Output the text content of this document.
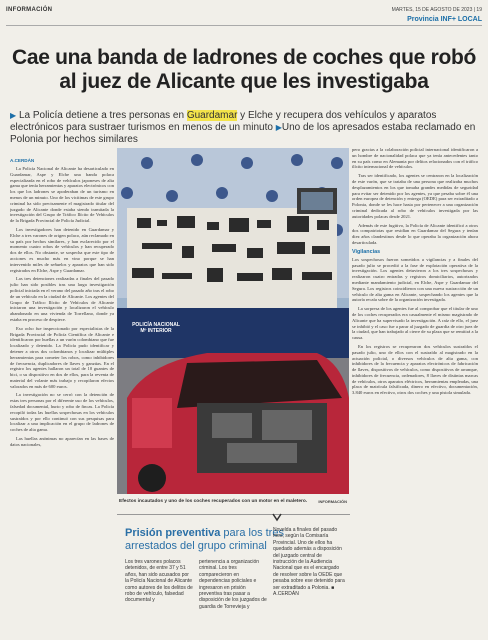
INFORMACIÓN	MARTES, 15 DE AGOSTO DE 2023 | 19
Provincia INF+ LOCAL
Cae una banda de ladrones de coches que robó al juez de Alicante que les investigaba
▶ La Policía detiene a tres personas en Guardamar y Elche y recupera dos vehículos y aparatos electrónicos para sustraer turismos en menos de un minuto ▶Uno de los apresados estaba reclamado en Polonia por hechos similares

A.CERDÁN

La Policía Nacional de Alicante ha desarticulado en Guardamar, Aspe y Elche una banda polaca especializada en el robo de vehículos japoneses de alta gama que tenía herramientas y aparatos electrónicos con los que los ladrones se apoderaban de un turismo en menos de un minuto. Uno de los vicitimas de este grupo criminal ha sido precisamente el magistrado titular del juzgado de Alicante donde estaba siendo tramitada la investigación del Grupo de Tráfico Ilícito de Vehículos de la Brigada Provincial de Policía Judicial.

Los investigadores han detenido en Guardamar y Elche a tres varones de origen polaco, aún reclamado en su país por hechos similares, y han esclarecido por el momento cuatro robos de vehículos y han recuperado dos de ellos. No obstante, se sospecha que este tipo de acciones es mucho más en vino porque se han intervenido miles de señuelos y aparatos que han sido registrados en Elche, Aspe y Guardamar.

Las tres detenciones realizadas a finales del pasado julio han sido posibles tras una larga investigación policial iniciada en el verano del pasado año tras el robo de un vehículo en la ciudad de Alicante. Los agentes del Grupo de Tráfico Ilícito de Vehículos de Alicante iniciaron una investigación y localizaron el vehículo abandonado en una vivienda de Torrellano, donde ya estaba en proceso de despiece.

Eso ocho fue inspeccionado por especialistas de la Brigada Provincial de Policía Científica de Alicante e identificaron por huellas a un varón colombiano que fue localizado y detenido. La Policía pudo identificar y detener a otros dos colombianos y localizar múltiples herramientas para cometer los robos, como inhibidores de frecuencia, duplicadores de llaves y ganzúas. En el registro los agentes hallaron un total de 10 guantes de bici, o su dispositivo en dos de ellos, para la reventa de material del volante más trabajo y recopilaron efectos valorados en más de 600 euros.

La investigación no se cerró con la detención de estas tres personas por el diferente uso de los vehículos, falsedad documental, hurto y robo de fincas. La Policía recopiló todas las huellas sospechosas en los vehículos sustraídos y por ello continuó con sus pesquisas para localizar a una implicación en el grupo de ladrones de coches de alta gama.

Las huellas anónimas no aparecían en las bases de datos nacionales,

POLICÍA NACIONAL
Mº INTERIOR
Efectos incautados y uno de los coches recuperados con un motor en el maletero.	INFORMACIÓN
Prisión preventiva para los tres arrestados del grupo criminal
Los tres varones polacos detenidos, de entre 37 y 51 años, han sido acusados por la Policía Nacional de Alicante como autores de los delitos de robo de vehículo, falsedad documental y
pertenencia a organización criminal. Los tres comparecieron en dependencias policiales e ingresaron en prisión preventiva tras pasar a disposición de los juzgados de guardia de Torrevieja y
Novelda a finales del pasado mes, según la Comisaría Provincial. Uno de ellos ha quedado además a disposición del juzgado central de instrucción de la Audiencia Nacional que es el encargado de resolver sobre la OEDE que pesaba sobre ese detenido para ser extraditado a Polonia. ■ A.CERDÁN

pero gracias a la colaboración policial internacional identificaron a un hombre de nacionalidad polaca que ya tenía antecedentes tanto en su país como en Alemania por delitos relacionados con el tráfico ilícito internacional de vehículos.

Tras ser identificado, los agentes se centraron en la localización de este varón, que se trataba de una persona que realizaba muchos desplazamientos en los que tomaba grandes medidas de seguridad para evitar ser detenido por los agentes, ya que pesaba sobre él una orden europea de detención y entrega (OEDE) para ser extraditado a Polonia, donde se les hace hasta por pertenecer a una organización criminal dedicada al robo de vehículos investigada por las autoridades polacas desde 2021.

Además de este fugitivo, la Policía de Alicante identificó a otros dos compatriotas que residían en Guardamar del Segura y tenían diez años clandestinos desde lo que operaba la organización ahora desarticulada.

Vigilancias

Los sospechosos fueron sometidos a vigilancias y a finales del pasado julio se procedió a la fase de explotación operativa de la investigación. Los agentes detuvieron a los tres sospechosos y realizaron cuatro entradas y registros domiciliarios, autorizados mediante mandamiento judicial, en Elche, Aspe y Guardamar del Segura. Los registros coincidieron con una nueva sustracción de un vehículo de alta gama en Alicante, sospechando los agentes que la autoría recaía sobre de la organización investigada.

La sorpresa de los agentes fue al comprobar que el titular de uno de los coches recuperados era casualmente el mismo magistrado de Alicante que ha supervisado la investigación. A raíz de ello, el juez se inhibió y el caso fue a parar al juzgado de guardia de otro juez de la ciudad, que han trabajado al cierre de su plaza que se remitirá a la causa.

En los registros se recuperaron dos vehículos sustraídos el pasado julio, uno de ellos con el sustraído al magistrado en la actuación policial, o diversos vehículos de alta gama, con inhibidores de la frecuencia y aparatos electrónicos de fabricación de llaves, dispositivos de vehículos, como dispositivos de arranque, inhibidores de frecuencia, ordenadores, 8 llaves de distintas marcas de vehículos, otros aparatos eléctricos, herramientas empleadas, una placa de matrícula falsificada, dinero en efectivo, documentación, 3.840 euros en efectivo, otros dos coches y una pistola simulada.
